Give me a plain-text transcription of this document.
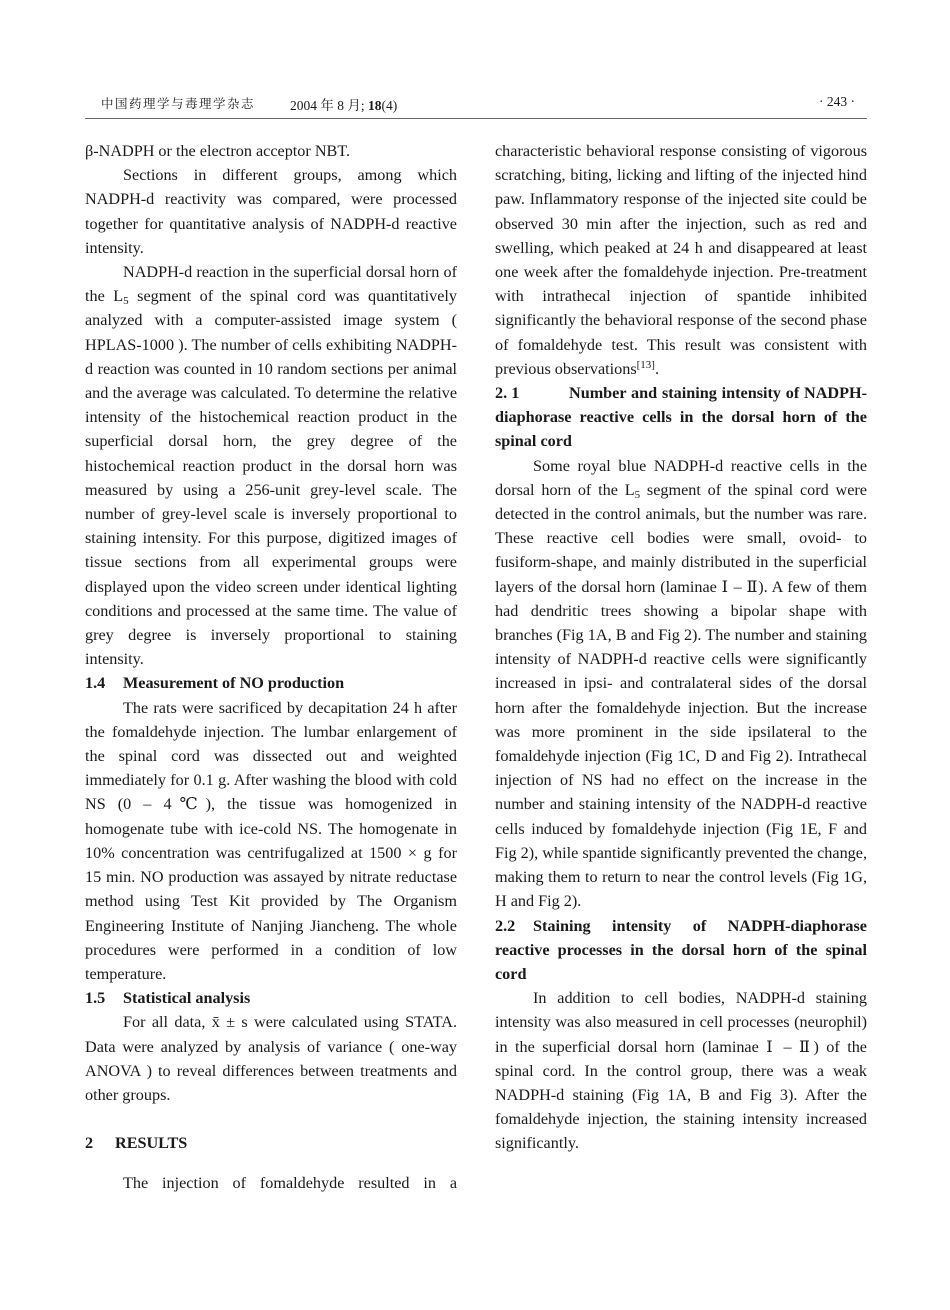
中国药理学与毒理学杂志	2004 年 8 月; 18(4)	· 243 ·

β-NADPH or the electron acceptor NBT.

Sections in different groups, among which NADPH-d reactivity was compared, were processed together for quantitative analysis of NADPH-d reactive intensity.

NADPH-d reaction in the superficial dorsal horn of the $L_5$ segment of the spinal cord was quantitatively analyzed with a computer-assisted image system ( HPLAS-1000 ). The number of cells exhibiting NADPH-d reaction was counted in 10 random sections per animal and the average was calculated. To determine the relative intensity of the histochemical reaction product in the superficial dorsal horn, the grey degree of the histochemical reaction product in the dorsal horn was measured by using a 256-unit grey-level scale. The number of grey-level scale is inversely proportional to staining intensity. For this purpose, digitized images of tissue sections from all experimental groups were displayed upon the video screen under identical lighting conditions and processed at the same time. The value of grey degree is inversely proportional to staining intensity.

1.4 Measurement of NO production

The rats were sacrificed by decapitation 24 h after the fomaldehyde injection. The lumbar enlargement of the spinal cord was dissected out and weighted immediately for 0.1 g. After washing the blood with cold NS (0 – 4℃), the tissue was homogenized in homogenate tube with ice-cold NS. The homogenate in 10% concentration was centrifugalized at 1500 × g for 15 min. NO production was assayed by nitrate reductase method using Test Kit provided by The Organism Engineering Institute of Nanjing Jiancheng. The whole procedures were performed in a condition of low temperature.

1.5 Statistical analysis

For all data, x̄ ± s were calculated using STATA. Data were analyzed by analysis of variance ( one-way ANOVA ) to reveal differences between treatments and other groups.

2 RESULTS

The injection of fomaldehyde resulted in a

characteristic behavioral response consisting of vigorous scratching, biting, licking and lifting of the injected hind paw. Inflammatory response of the injected site could be observed 30 min after the injection, such as red and swelling, which peaked at 24 h and disappeared at least one week after the fomaldehyde injection. Pre-treatment with intrathecal injection of spantide inhibited significantly the behavioral response of the second phase of fomaldehyde test. This result was consistent with previous observations[13].

2. 1	Number and staining intensity of NADPH-diaphorase reactive cells in the dorsal horn of the spinal cord

Some royal blue NADPH-d reactive cells in the dorsal horn of the $L_5$ segment of the spinal cord were detected in the control animals, but the number was rare. These reactive cell bodies were small, ovoid- to fusiform-shape, and mainly distributed in the superficial layers of the dorsal horn (laminae Ⅰ – Ⅱ). A few of them had dendritic trees showing a bipolar shape with branches (Fig 1A, B and Fig 2). The number and staining intensity of NADPH-d reactive cells were significantly increased in ipsi- and contralateral sides of the dorsal horn after the fomaldehyde injection. But the increase was more prominent in the side ipsilateral to the fomaldehyde injection (Fig 1C, D and Fig 2). Intrathecal injection of NS had no effect on the increase in the number and staining intensity of the NADPH-d reactive cells induced by fomaldehyde injection (Fig 1E, F and Fig 2), while spantide significantly prevented the change, making them to return to near the control levels (Fig 1G, H and Fig 2).

2.2 Staining intensity of NADPH-diaphorase reactive processes in the dorsal horn of the spinal cord

In addition to cell bodies, NADPH-d staining intensity was also measured in cell processes (neurophil) in the superficial dorsal horn (laminae Ⅰ – Ⅱ) of the spinal cord. In the control group, there was a weak NADPH-d staining (Fig 1A, B and Fig 3). After the fomaldehyde injection, the staining intensity increased significantly.
